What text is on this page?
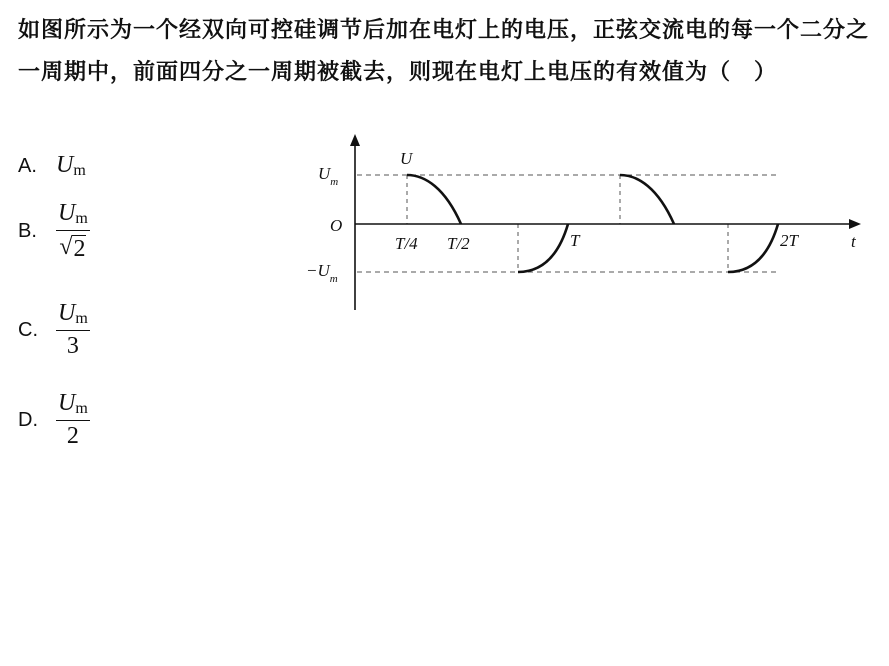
如图所示为一个经双向可控硅调节后加在电灯上的电压，正弦交流电的每一个二分之一周期中，前面四分之一周期被截去，则现在电灯上电压的有效值为（　）
A. Um
B. $\frac{Um}{√ 2}$
C. $\frac{Um}{3}$
D. $\frac{Um}{2}$
U
$U_m$
O
$-U_m$
T/4 T/2	T	2T	t
